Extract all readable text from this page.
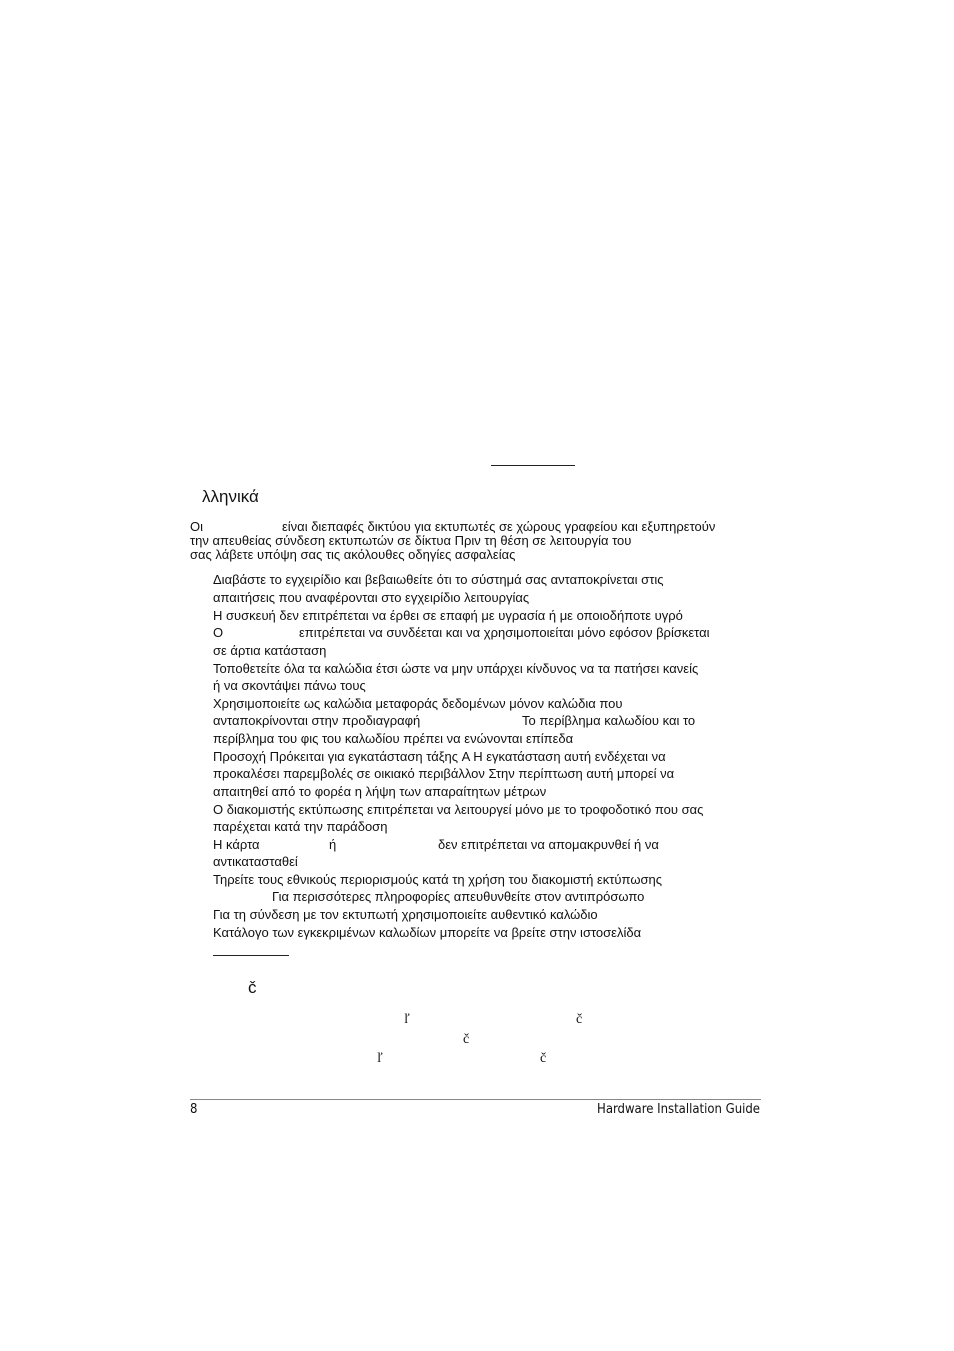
λληνικά
Οι	είναι διεπαφές δικτύου για εκτυπωτές σε χώρους γραφείου και εξυπηρετούν
την απευθείας σύνδεση εκτυπωτών σε δίκτυα Πριν τη θέση σε λειτουργία του
σας λάβετε υπόψη σας τις ακόλουθες οδηγίες ασφαλείας
Διαβάστε το εγχειρίδιο και βεβαιωθείτε ότι το σύστημά σας ανταποκρίνεται στις
απαιτήσεις που αναφέρονται στο εγχειρίδιο λειτουργίας
Η συσκευή δεν επιτρέπεται να έρθει σε επαφή με υγρασία ή με οποιοδήποτε υγρό
Ο	επιτρέπεται να συνδέεται και να χρησιμοποιείται μόνο εφόσον βρίσκεται
σε άρτια κατάσταση
Τοποθετείτε όλα τα καλώδια έτσι ώστε να μην υπάρχει κίνδυνος να τα πατήσει κανείς
ή να σκοντάψει πάνω τους
Χρησιμοποιείτε ως καλώδια μεταφοράς δεδομένων μόνον καλώδια που
ανταποκρίνονται στην προδιαγραφή	Το περίβλημα καλωδίου και το
περίβλημα του φις του καλωδίου πρέπει να ενώνονται επίπεδα
Προσοχή Πρόκειται για εγκατάσταση τάξης A Η εγκατάσταση αυτή ενδέχεται να
προκαλέσει παρεμβολές σε οικιακό περιβάλλον Στην περίπτωση αυτή μπορεί να
απαιτηθεί από το φορέα η λήψη των απαραίτητων μέτρων
Ο διακομιστής εκτύπωσης επιτρέπεται να λειτουργεί μόνο με το τροφοδοτικό που σας
παρέχεται κατά την παράδοση
Η κάρτα	ή	δεν επιτρέπεται να απομακρυνθεί ή να
αντικατασταθεί
Τηρείτε τους εθνικούς περιορισμούς κατά τη χρήση του διακομιστή εκτύπωσης
Για περισσότερες πληροφορίες απευθυνθείτε στον αντιπρόσωπο
Για τη σύνδεση με τον εκτυπωτή χρησιμοποιείτε αυθεντικό καλώδιο
Κατάλογο των εγκεκριμένων καλωδίων μπορείτε να βρείτε στην ιστοσελίδα
č
ľ	č
č
ľ	č
8	Hardware Installation Guide
